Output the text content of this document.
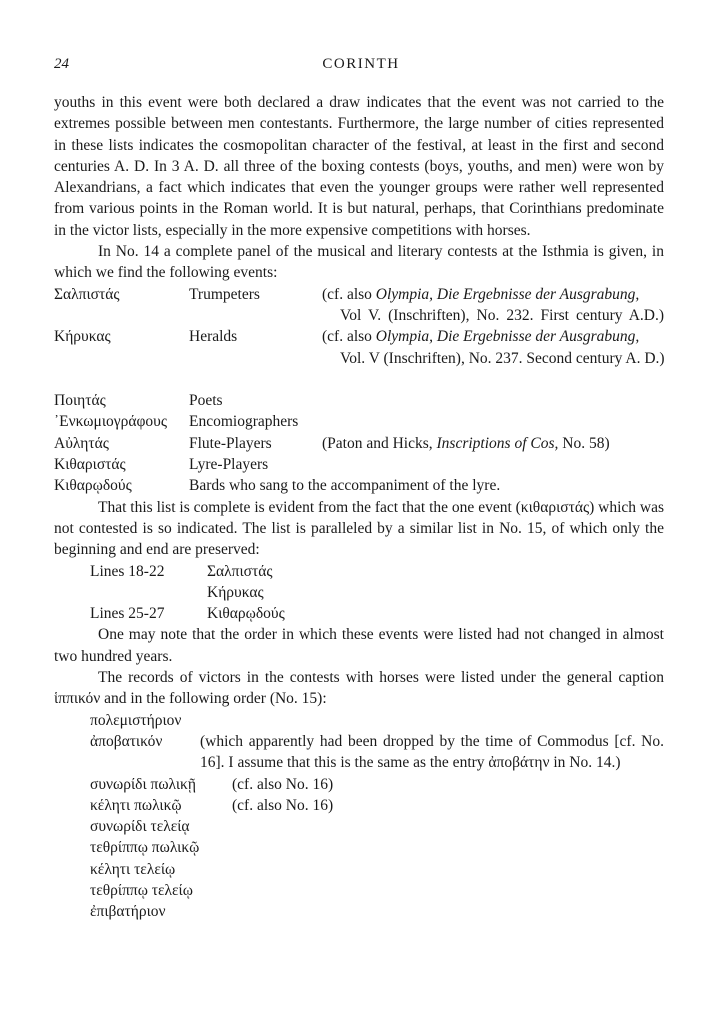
24	CORINTH

youths in this event were both declared a draw indicates that the event was not carried to the extremes possible between men contestants. Furthermore, the large number of cities represented in these lists indicates the cosmopolitan character of the festival, at least in the first and second centuries A. D. In 3 A. D. all three of the boxing contests (boys, youths, and men) were won by Alexandrians, a fact which indicates that even the younger groups were rather well represented from various points in the Roman world. It is but natural, perhaps, that Corinthians predominate in the victor lists, especially in the more expensive competitions with horses.

In No. 14 a complete panel of the musical and literary contests at the Isthmia is given, in which we find the following events:

Σαλπιστάς	Trumpeters	(cf. also Olympia, Die Ergebnisse der Ausgrabung,
Vol V. (Inschriften), No. 232. First century A.D.)
Κήρυκας	Heralds	(cf. also Olympia, Die Ergebnisse der Ausgrabung,

Vol. V (Inschriften), No. 237. Second century A. D.)
Ποιητάς	Poets
᾿Ενκωμιογράφους	Encomiographers
Αὐλητάς	Flute-Players	(Paton and Hicks, Inscriptions of Cos, No. 58)
Κιθαριστάς	Lyre-Players
Κιθαρῳδούς	Bards who sang to the accompaniment of the lyre.

That this list is complete is evident from the fact that the one event (κιθαριστάς) which was not contested is so indicated. The list is paralleled by a similar list in No. 15, of which only the beginning and end are preserved:

Lines 18-22	Σαλπιστάς
Κήρυκας
Lines 25-27	Κιθαρῳδούς

One may note that the order in which these events were listed had not changed in almost two hundred years.

The records of victors in the contests with horses were listed under the general caption ἱππικόν and in the following order (No. 15):

πολεμιστήριον
ἀποβατικόν	(which apparently had been dropped by the time of Commodus [cf. No. 16]. I assume that this is the same as the entry ἀποβάτην in No. 14.)
συνωρίδι πωλικῇ	(cf. also No. 16)
κέλητι πωλικῷ	(cf. also No. 16)
συνωρίδι τελείᾳ
τεθρίππῳ πωλικῷ
κέλητι τελείῳ
τεθρίππῳ τελείῳ
ἐπιβατήριον
